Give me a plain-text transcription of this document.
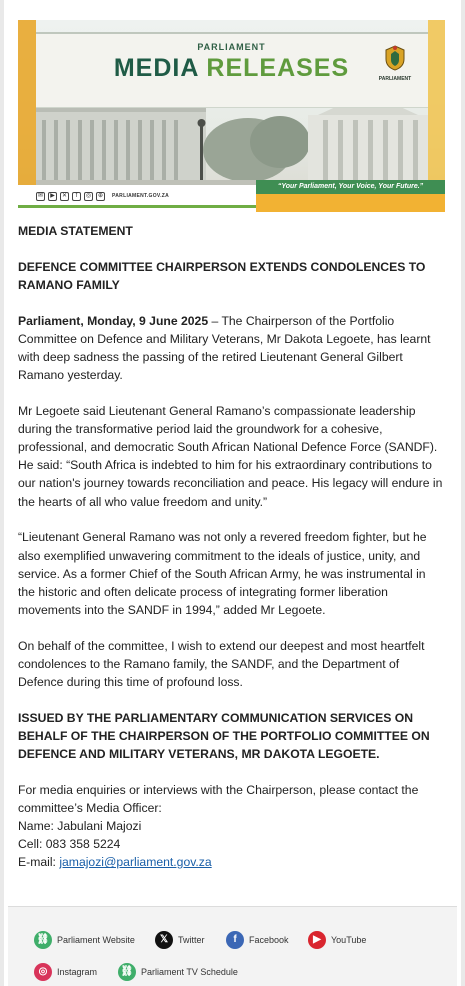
PARLIAMENT
MEDIA RELEASES	PARLIAMENT
✉	▶	✕	f	◎	⊕	PARLIAMENT.GOV.ZA
“Your Parliament, Your Voice, Your Future.”

MEDIA STATEMENT

DEFENCE COMMITTEE CHAIRPERSON EXTENDS CONDOLENCES TO RAMANO FAMILY

Parliament, Monday, 9 June 2025 – The Chairperson of the Portfolio Committee on Defence and Military Veterans, Mr Dakota Legoete, has learnt with deep sadness the passing of the retired Lieutenant General Gilbert Ramano yesterday.

Mr Legoete said Lieutenant General Ramano’s compassionate leadership during the transformative period laid the groundwork for a cohesive, professional, and democratic South African National Defence Force (SANDF). He said: “South Africa is indebted to him for his extraordinary contributions to our nation's journey towards reconciliation and peace. His legacy will endure in the hearts of all who value freedom and unity.”

“Lieutenant General Ramano was not only a revered freedom fighter, but he also exemplified unwavering commitment to the ideals of justice, unity, and service. As a former Chief of the South African Army, he was instrumental in the historic and often delicate process of integrating former liberation movements into the SANDF in 1994,” added Mr Legoete.

On behalf of the committee, I wish to extend our deepest and most heartfelt condolences to the Ramano family, the SANDF, and the Department of Defence during this time of profound loss.

ISSUED BY THE PARLIAMENTARY COMMUNICATION SERVICES ON BEHALF OF THE CHAIRPERSON OF THE PORTFOLIO COMMITTEE ON DEFENCE AND MILITARY VETERANS, MR DAKOTA LEGOETE.

For media enquiries or interviews with the Chairperson, please contact the committee’s Media Officer:
Name: Jabulani Majozi
Cell: 083 358 5224
E-mail: jamajozi@parliament.gov.za
⛓ Parliament Website	𝕏	Twitter	f	Facebook	▶	YouTube
◎	Instagram ⛓ Parliament TV Schedule
